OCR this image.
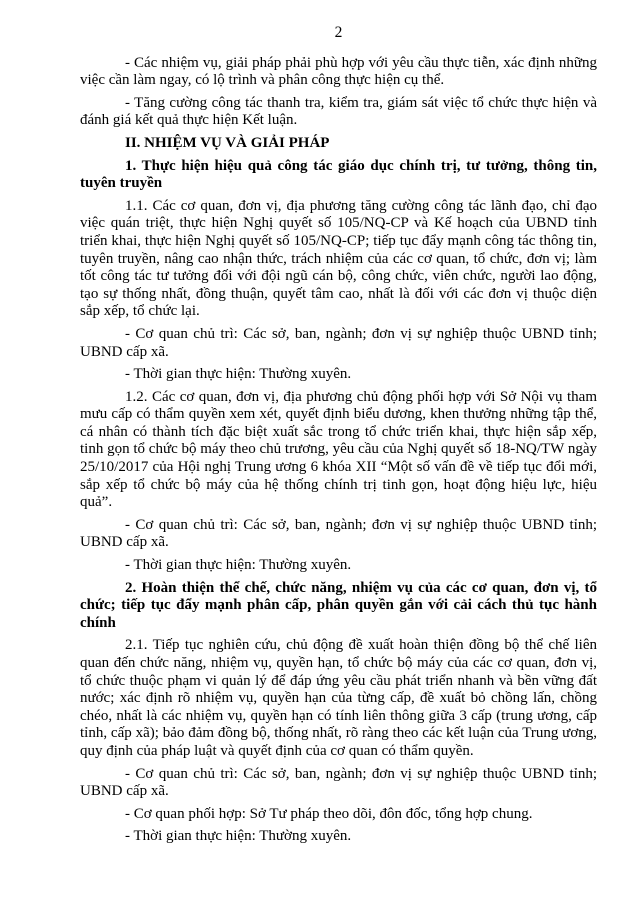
2

- Các nhiệm vụ, giải pháp phải phù hợp với yêu cầu thực tiễn, xác định những việc cần làm ngay, có lộ trình và phân công thực hiện cụ thể.

- Tăng cường công tác thanh tra, kiểm tra, giám sát việc tổ chức thực hiện và đánh giá kết quả thực hiện Kết luận.

II. NHIỆM VỤ VÀ GIẢI PHÁP

1. Thực hiện hiệu quả công tác giáo dục chính trị, tư tưởng, thông tin, tuyên truyền

1.1. Các cơ quan, đơn vị, địa phương tăng cường công tác lãnh đạo, chỉ đạo việc quán triệt, thực hiện Nghị quyết số 105/NQ-CP và Kế hoạch của UBND tỉnh triển khai, thực hiện Nghị quyết số 105/NQ-CP; tiếp tục đẩy mạnh công tác thông tin, tuyên truyền, nâng cao nhận thức, trách nhiệm của các cơ quan, tổ chức, đơn vị; làm tốt công tác tư tưởng đối với đội ngũ cán bộ, công chức, viên chức, người lao động, tạo sự thống nhất, đồng thuận, quyết tâm cao, nhất là đối với các đơn vị thuộc diện sắp xếp, tổ chức lại.

- Cơ quan chủ trì: Các sở, ban, ngành; đơn vị sự nghiệp thuộc UBND tỉnh; UBND cấp xã.

- Thời gian thực hiện: Thường xuyên.

1.2. Các cơ quan, đơn vị, địa phương chủ động phối hợp với Sở Nội vụ tham mưu cấp có thẩm quyền xem xét, quyết định biểu dương, khen thưởng những tập thể, cá nhân có thành tích đặc biệt xuất sắc trong tổ chức triển khai, thực hiện sắp xếp, tinh gọn tổ chức bộ máy theo chủ trương, yêu cầu của Nghị quyết số 18-NQ/TW ngày 25/10/2017 của Hội nghị Trung ương 6 khóa XII “Một số vấn đề về tiếp tục đổi mới, sắp xếp tổ chức bộ máy của hệ thống chính trị tinh gọn, hoạt động hiệu lực, hiệu quả”.

- Cơ quan chủ trì: Các sở, ban, ngành; đơn vị sự nghiệp thuộc UBND tỉnh; UBND cấp xã.

- Thời gian thực hiện: Thường xuyên.

2. Hoàn thiện thể chế, chức năng, nhiệm vụ của các cơ quan, đơn vị, tổ chức; tiếp tục đẩy mạnh phân cấp, phân quyền gắn với cải cách thủ tục hành chính

2.1. Tiếp tục nghiên cứu, chủ động đề xuất hoàn thiện đồng bộ thể chế liên quan đến chức năng, nhiệm vụ, quyền hạn, tổ chức bộ máy của các cơ quan, đơn vị, tổ chức thuộc phạm vi quản lý để đáp ứng yêu cầu phát triển nhanh và bền vững đất nước; xác định rõ nhiệm vụ, quyền hạn của từng cấp, đề xuất bỏ chồng lấn, chồng chéo, nhất là các nhiệm vụ, quyền hạn có tính liên thông giữa 3 cấp (trung ương, cấp tỉnh, cấp xã); bảo đảm đồng bộ, thống nhất, rõ ràng theo các kết luận của Trung ương, quy định của pháp luật và quyết định của cơ quan có thẩm quyền.

- Cơ quan chủ trì: Các sở, ban, ngành; đơn vị sự nghiệp thuộc UBND tỉnh; UBND cấp xã.

- Cơ quan phối hợp: Sở Tư pháp theo dõi, đôn đốc, tổng hợp chung.

- Thời gian thực hiện: Thường xuyên.
